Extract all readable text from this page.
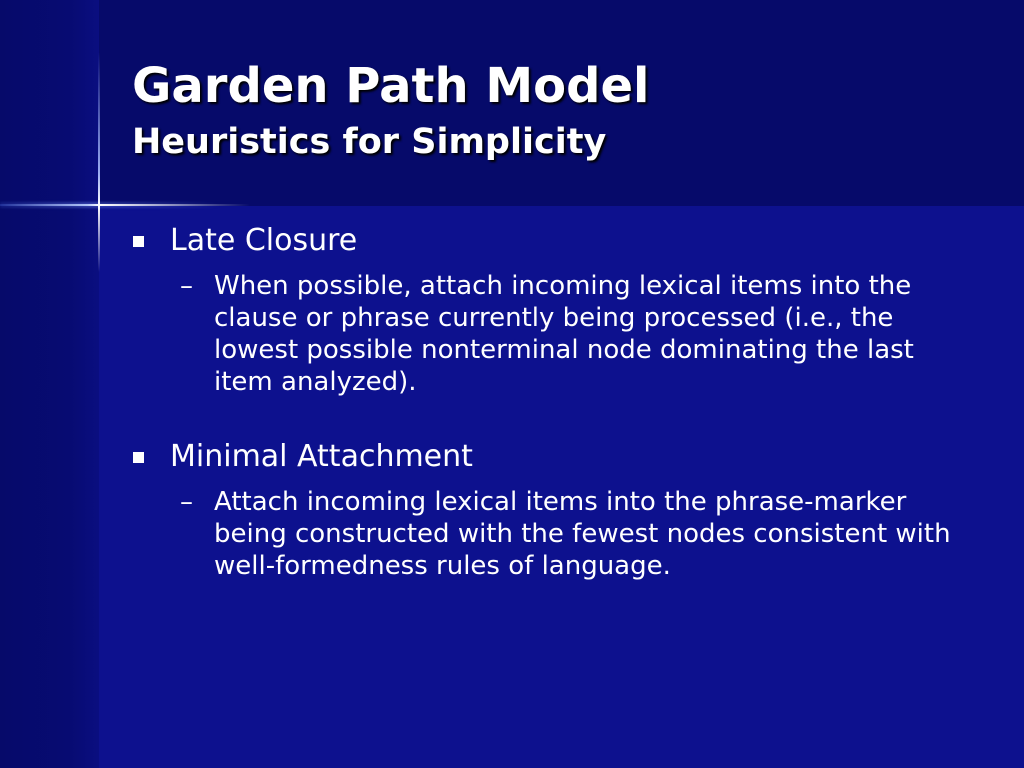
Garden Path Model
Heuristics for Simplicity
Late Closure
– When possible, attach incoming lexical items into the clause or phrase currently being processed (i.e., the lowest possible nonterminal node dominating the last item analyzed).
Minimal Attachment
– Attach incoming lexical items into the phrase-marker being constructed with the fewest nodes consistent with well-formedness rules of language.
